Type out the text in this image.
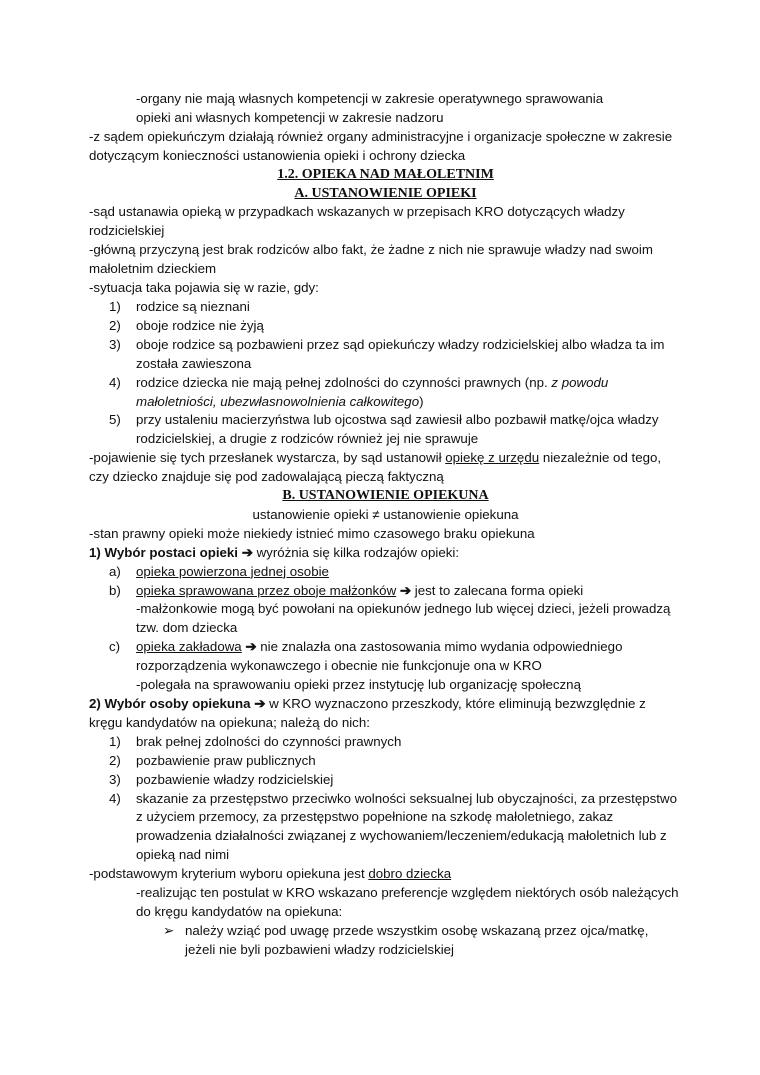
-organy nie mają własnych kompetencji w zakresie operatywnego sprawowania

opieki ani własnych kompetencji w zakresie nadzoru

-z sądem opiekuńczym działają również organy administracyjne i organizacje społeczne w zakresie dotyczącym konieczności ustanowienia opieki i ochrony dziecka

1.2. OPIEKA NAD MAŁOLETNIM

A. USTANOWIENIE OPIEKI

-sąd ustanawia opieką w przypadkach wskazanych w przepisach KRO dotyczących władzy rodzicielskiej

-główną przyczyną jest brak rodziców albo fakt, że żadne z nich nie sprawuje władzy nad swoim małoletnim dzieckiem

-sytuacja taka pojawia się w razie, gdy:

1) rodzice są nieznani
2) oboje rodzice nie żyją
3) oboje rodzice są pozbawieni przez sąd opiekuńczy władzy rodzicielskiej albo władza ta im została zawieszona
4) rodzice dziecka nie mają pełnej zdolności do czynności prawnych (np. z powodu małoletniości, ubezwłasnowolnienia całkowitego)
5) przy ustaleniu macierzyństwa lub ojcostwa sąd zawiesił albo pozbawił matkę/ojca władzy rodzicielskiej, a drugie z rodziców również jej nie sprawuje

-pojawienie się tych przesłanek wystarcza, by sąd ustanowił opiekę z urzędu niezależnie od tego, czy dziecko znajduje się pod zadowalającą pieczą faktyczną

B. USTANOWIENIE OPIEKUNA

ustanowienie opieki ≠ ustanowienie opiekuna

-stan prawny opieki może niekiedy istnieć mimo czasowego braku opiekuna

1) Wybór postaci opieki ➔ wyróżnia się kilka rodzajów opieki:

a) opieka powierzona jednej osobie
b) opieka sprawowana przez oboje małżonków ➔ jest to zalecana forma opieki
-małżonkowie mogą być powołani na opiekunów jednego lub więcej dzieci, jeżeli prowadzą tzw. dom dziecka
c) opieka zakładowa ➔ nie znalazła ona zastosowania mimo wydania odpowiedniego rozporządzenia wykonawczego i obecnie nie funkcjonuje ona w KRO
-polegała na sprawowaniu opieki przez instytucję lub organizację społeczną

2) Wybór osoby opiekuna ➔ w KRO wyznaczono przeszkody, które eliminują bezwzględnie z kręgu kandydatów na opiekuna; należą do nich:

1) brak pełnej zdolności do czynności prawnych
2) pozbawienie praw publicznych
3) pozbawienie władzy rodzicielskiej
4) skazanie za przestępstwo przeciwko wolności seksualnej lub obyczajności, za przestępstwo z użyciem przemocy, za przestępstwo popełnione na szkodę małoletniego, zakaz prowadzenia działalności związanej z wychowaniem/leczeniem/edukacją małoletnich lub z opieką nad nimi

-podstawowym kryterium wyboru opiekuna jest dobro dziecka

-realizując ten postulat w KRO wskazano preferencje względem niektórych osób należących do kręgu kandydatów na opiekuna:

➢ należy wziąć pod uwagę przede wszystkim osobę wskazaną przez ojca/matkę, jeżeli nie byli pozbawieni władzy rodzicielskiej
